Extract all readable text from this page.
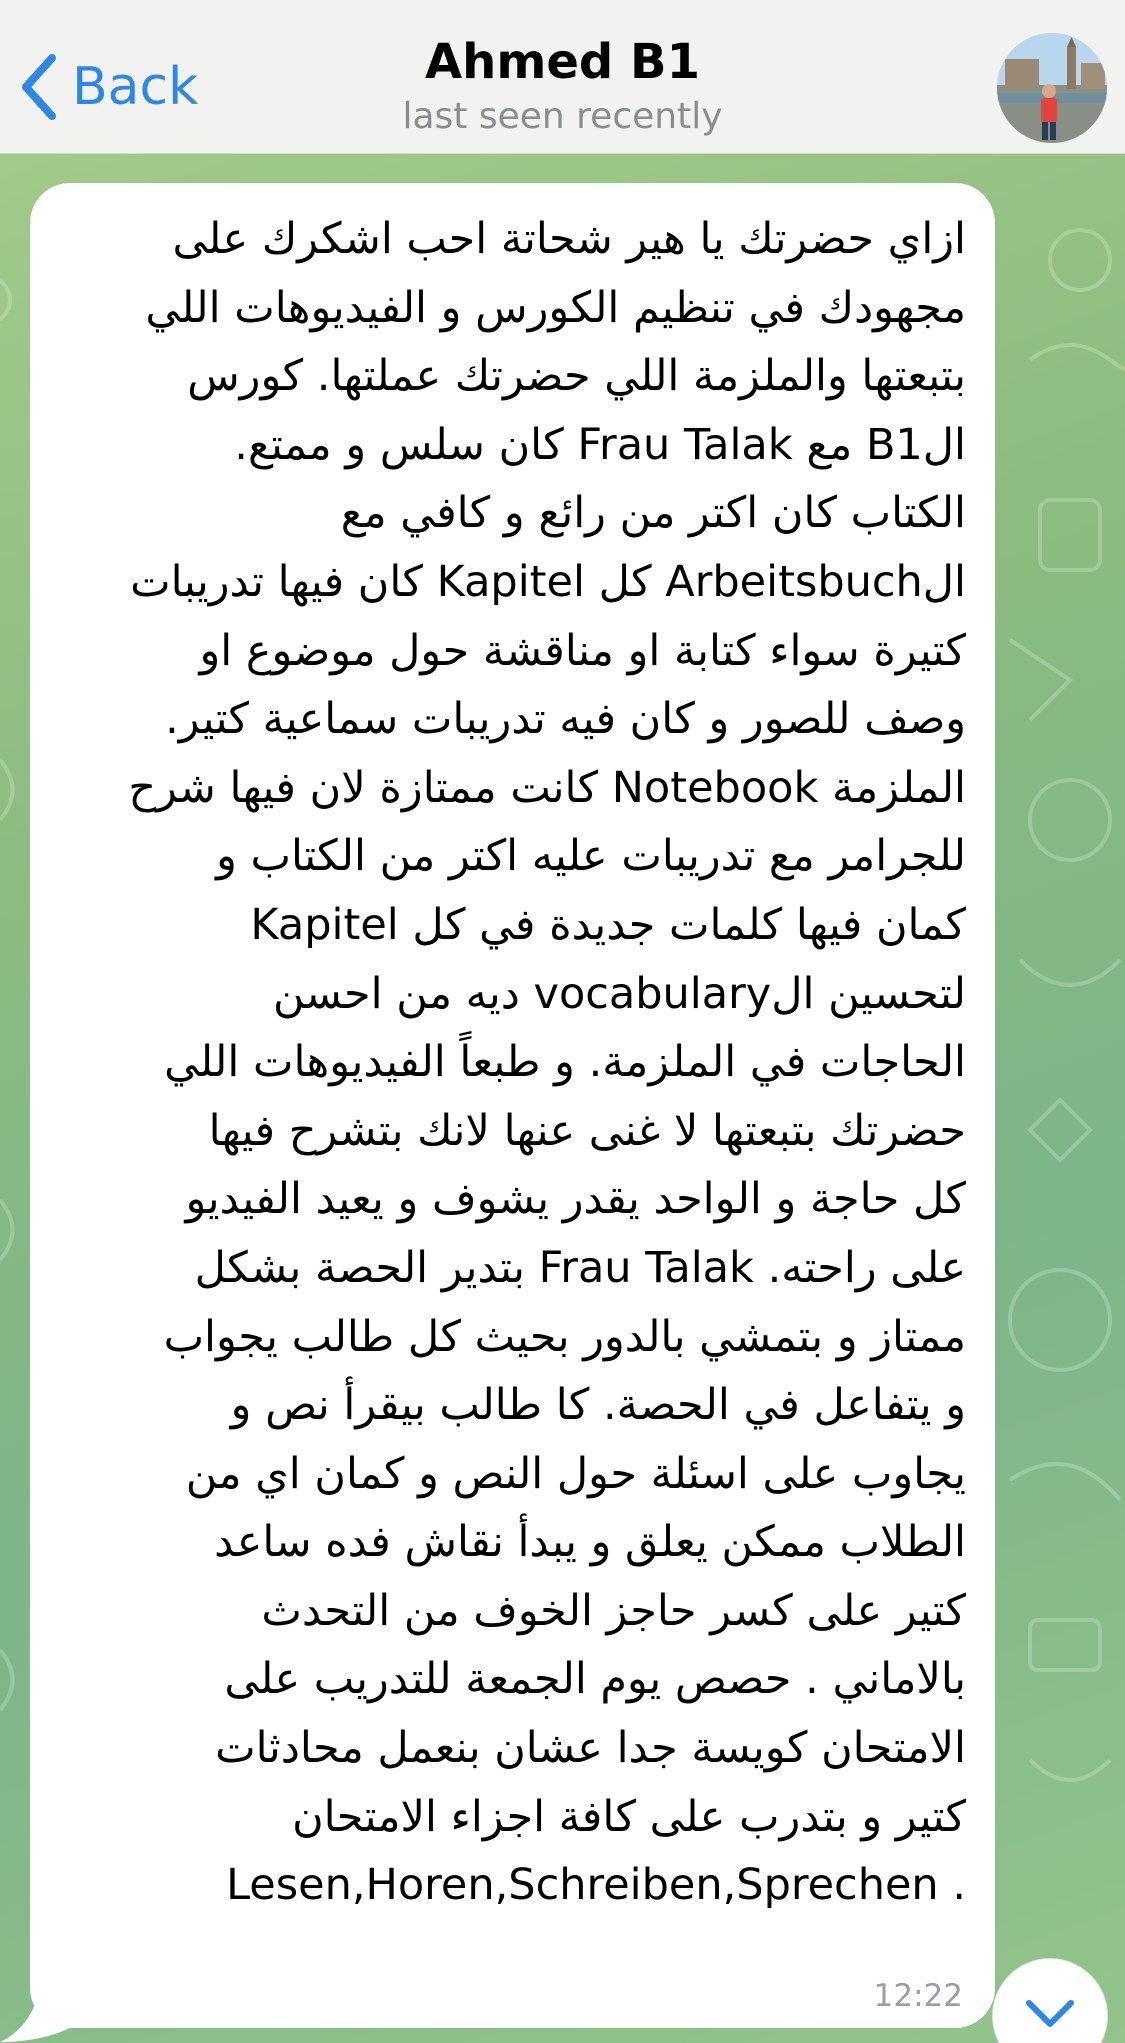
Back	Ahmed B1
last seen recently
ازاي حضرتك يا هير شحاتة احب اشكرك على
مجهودك في تنظيم الكورس و الفيديوهات اللي
بتبعتها والملزمة اللي حضرتك عملتها. كورس
الB1 مع Frau Talak كان سلس و ممتع.
الكتاب كان اكتر من رائع و كافي مع
الArbeitsbuch كل Kapitel كان فيها تدريبات
كتيرة سواء كتابة او مناقشة حول موضوع او
وصف للصور و كان فيه تدريبات سماعية كتير.
الملزمة Notebook كانت ممتازة لان فيها شرح
للجرامر مع تدريبات عليه اكتر من الكتاب و
كمان فيها كلمات جديدة في كل Kapitel
لتحسين الvocabulary ديه من احسن
الحاجات في الملزمة. و طبعاً الفيديوهات اللي
حضرتك بتبعتها لا غنى عنها لانك بتشرح فيها
كل حاجة و الواحد يقدر يشوف و يعيد الفيديو
على راحته. Frau Talak بتدير الحصة بشكل
ممتاز و بتمشي بالدور بحيث كل طالب يجواب
و يتفاعل في الحصة. كا طالب بيقرأ نص و
يجاوب على اسئلة حول النص و كمان اي من
الطلاب ممكن يعلق و يبدأ نقاش فده ساعد
كتير على كسر حاجز الخوف من التحدث
بالاماني . حصص يوم الجمعة للتدريب على
الامتحان كويسة جدا عشان بنعمل محادثات
كتير و بتدرب على كافة اجزاء الامتحان
Lesen,Horen,Schreiben,Sprechen .
12:22
